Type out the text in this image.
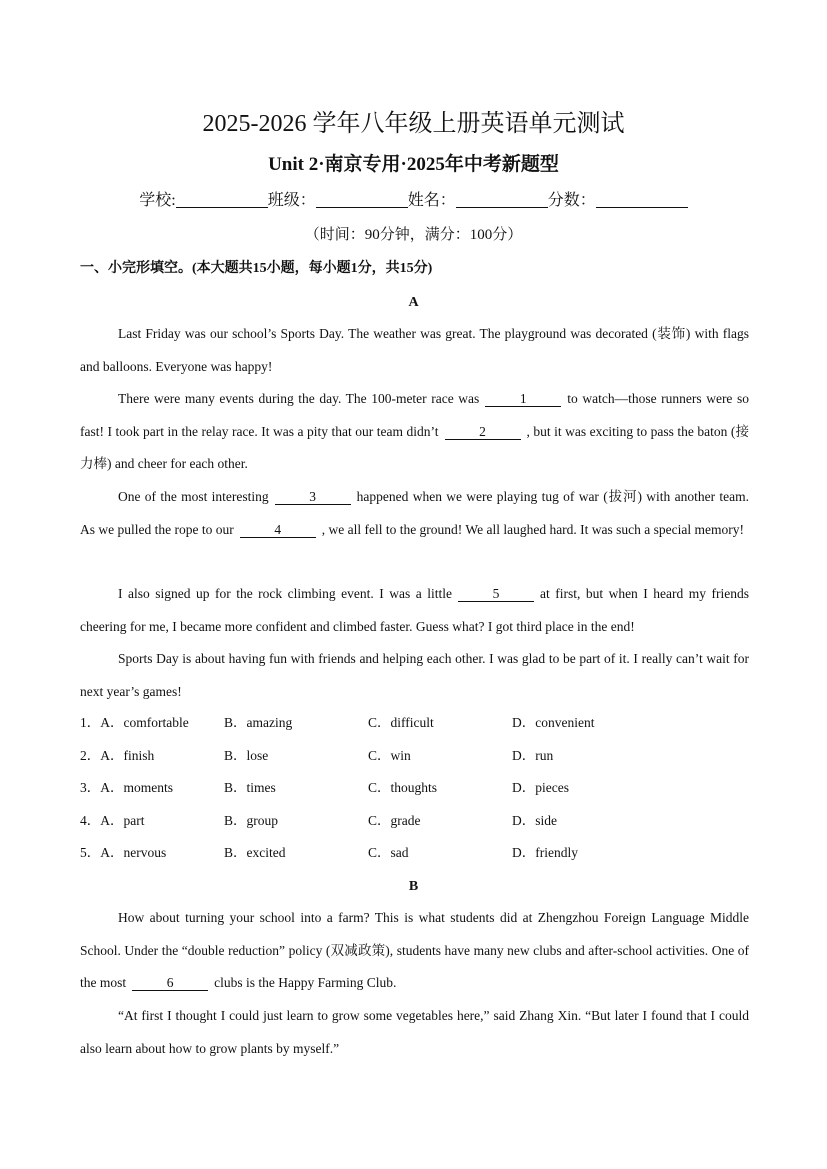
2025-2026 学年八年级上册英语单元测试
Unit 2·南京专用·2025年中考新题型
学校:	班级：	姓名：	分数：
（时间：90分钟，满分：100分）
一、小完形填空。(本大题共15小题，每小题1分，共15分)
A

Last Friday was our school’s Sports Day. The weather was great. The playground was decorated (装饰) with flags and balloons. Everyone was happy!

There were many events during the day. The 100-meter race was	1	to watch—those runners were so fast! I took part in the relay race. It was a pity that our team didn’t	2	, but it was exciting to pass the baton (接力棒) and cheer for each other.

One of the most interesting	3	happened when we were playing tug of war (拔河) with another team. As we pulled the rope to our	4	, we all fell to the ground! We all laughed hard. It was such a special memory!

I also signed up for the rock climbing event. I was a little	5	at first, but when I heard my friends cheering for me, I became more confident and climbed faster. Guess what? I got third place in the end!

Sports Day is about having fun with friends and helping each other. I was glad to be part of it. I really can’t wait for next year’s games!

1．A．comfortable	B．amazing	C．difficult	D．convenient
2．A．finish	B．lose	C．win	D．run
3．A．moments	B．times	C．thoughts	D．pieces
4．A．part	B．group	C．grade	D．side
5．A．nervous	B．excited	C．sad	D．friendly
B

How about turning your school into a farm? This is what students did at Zhengzhou Foreign Language Middle School. Under the “double reduction” policy (双减政策), students have many new clubs and after-school activities. One of the most	6	clubs is the Happy Farming Club.

“At first I thought I could just learn to grow some vegetables here,” said Zhang Xin. “But later I found that I could also learn about how to grow plants by myself.”
